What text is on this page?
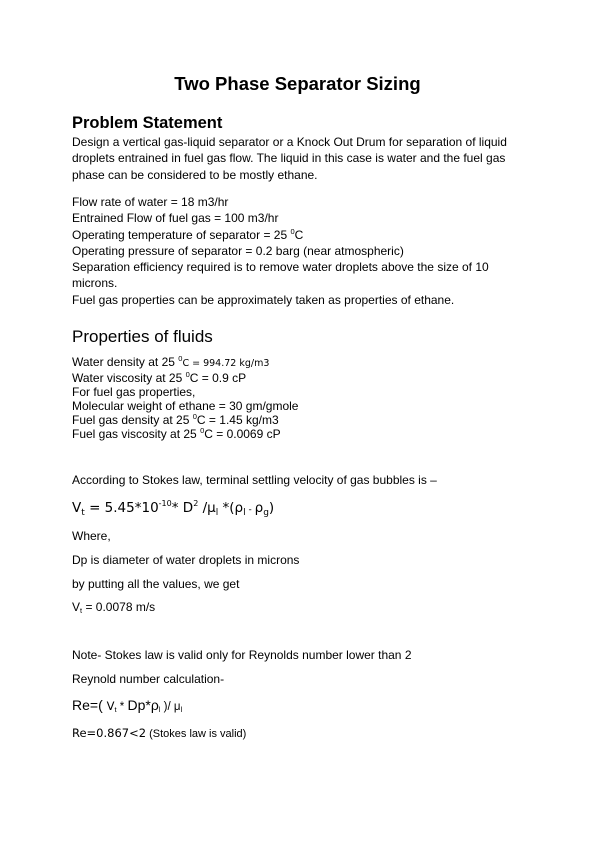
Two Phase Separator Sizing
Problem Statement
Design a vertical gas-liquid separator or a Knock Out Drum for separation of liquid
droplets entrained in fuel gas flow. The liquid in this case is water and the fuel gas
phase can be considered to be mostly ethane.
Flow rate of water = 18 m3/hr
Entrained Flow of fuel gas = 100 m3/hr
Operating temperature of separator = 25 $^0$C
Operating pressure of separator = 0.2 barg (near atmospheric)
Separation efficiency required is to remove water droplets above the size of 10
microns.
Fuel gas properties can be approximately taken as properties of ethane.
Properties of fluids
Water density at 25 $^0$C = 994.72 kg/m3
Water viscosity at 25 $^0$C = 0.9 cP
For fuel gas properties,
Molecular weight of ethane = 30 gm/gmole
Fuel gas density at 25 $^0$C = 1.45 kg/m3
Fuel gas viscosity at 25 $^0$C = 0.0069 cP
According to Stokes law, terminal settling velocity of gas bubbles is –
$V_t = 5.45*10^{-10}*$ $D^2$ $/\mu_l$ $*(\rho_l - \rho_g)$
Where,
Dp is diameter of water droplets in microns
by putting all the values, we get
$V_t = 0.0078$ m/s
Note- Stokes law is valid only for Reynolds number lower than 2
Reynold number calculation-
Re=( $V_t * Dp*\rho_l$ )/ $\mu_l$
Re=0.867<2 (Stokes law is valid)
